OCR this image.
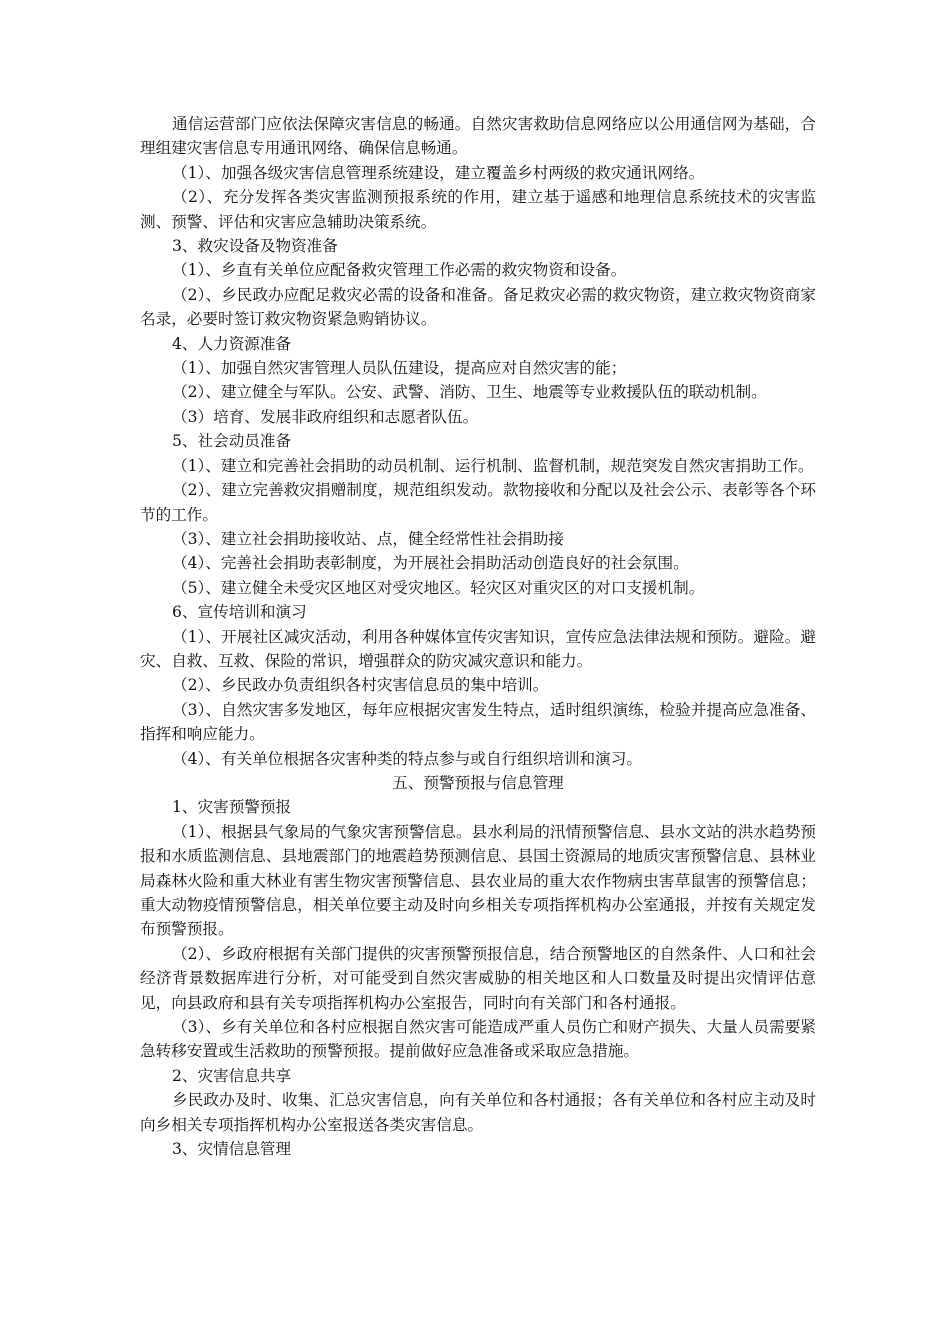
通信运营部门应依法保障灾害信息的畅通。自然灾害救助信息网络应以公用通信网为基础，合理组建灾害信息专用通讯网络、确保信息畅通。

（1）、加强各级灾害信息管理系统建设，建立覆盖乡村两级的救灾通讯网络。

（2）、充分发挥各类灾害监测预报系统的作用，建立基于遥感和地理信息系统技术的灾害监测、预警、评估和灾害应急辅助决策系统。

3、救灾设备及物资准备

（1）、乡直有关单位应配备救灾管理工作必需的救灾物资和设备。

（2）、乡民政办应配足救灾必需的设备和准备。备足救灾必需的救灾物资，建立救灾物资商家名录，必要时签订救灾物资紧急购销协议。

4、人力资源准备

（1）、加强自然灾害管理人员队伍建设，提高应对自然灾害的能；

（2）、建立健全与军队。公安、武警、消防、卫生、地震等专业救援队伍的联动机制。

（3）培育、发展非政府组织和志愿者队伍。

5、社会动员准备

（1）、建立和完善社会捐助的动员机制、运行机制、监督机制，规范突发自然灾害捐助工作。

（2）、建立完善救灾捐赠制度，规范组织发动。款物接收和分配以及社会公示、表彰等各个环节的工作。

（3）、建立社会捐助接收站、点，健全经常性社会捐助接

（4）、完善社会捐助表彰制度，为开展社会捐助活动创造良好的社会氛围。

（5）、建立健全未受灾区地区对受灾地区。轻灾区对重灾区的对口支援机制。

6、宣传培训和演习

（1）、开展社区减灾活动，利用各种媒体宣传灾害知识，宣传应急法律法规和预防。避险。避灾、自救、互救、保险的常识，增强群众的防灾减灾意识和能力。

（2）、乡民政办负责组织各村灾害信息员的集中培训。

（3）、自然灾害多发地区，每年应根据灾害发生特点，适时组织演练，检验并提高应急准备、指挥和响应能力。

（4）、有关单位根据各灾害种类的特点参与或自行组织培训和演习。

五、预警预报与信息管理

1、灾害预警预报

（1）、根据县气象局的气象灾害预警信息。县水利局的汛情预警信息、县水文站的洪水趋势预报和水质监测信息、县地震部门的地震趋势预测信息、县国土资源局的地质灾害预警信息、县林业局森林火险和重大林业有害生物灾害预警信息、县农业局的重大农作物病虫害草鼠害的预警信息；重大动物疫情预警信息，相关单位要主动及时向乡相关专项指挥机构办公室通报，并按有关规定发布预警预报。

（2）、乡政府根据有关部门提供的灾害预警预报信息，结合预警地区的自然条件、人口和社会经济背景数据库进行分析，对可能受到自然灾害威胁的相关地区和人口数量及时提出灾情评估意见，向县政府和县有关专项指挥机构办公室报告，同时向有关部门和各村通报。

（3）、乡有关单位和各村应根据自然灾害可能造成严重人员伤亡和财产损失、大量人员需要紧急转移安置或生活救助的预警预报。提前做好应急准备或采取应急措施。

2、灾害信息共享

乡民政办及时、收集、汇总灾害信息，向有关单位和各村通报；各有关单位和各村应主动及时向乡相关专项指挥机构办公室报送各类灾害信息。

3、灾情信息管理
